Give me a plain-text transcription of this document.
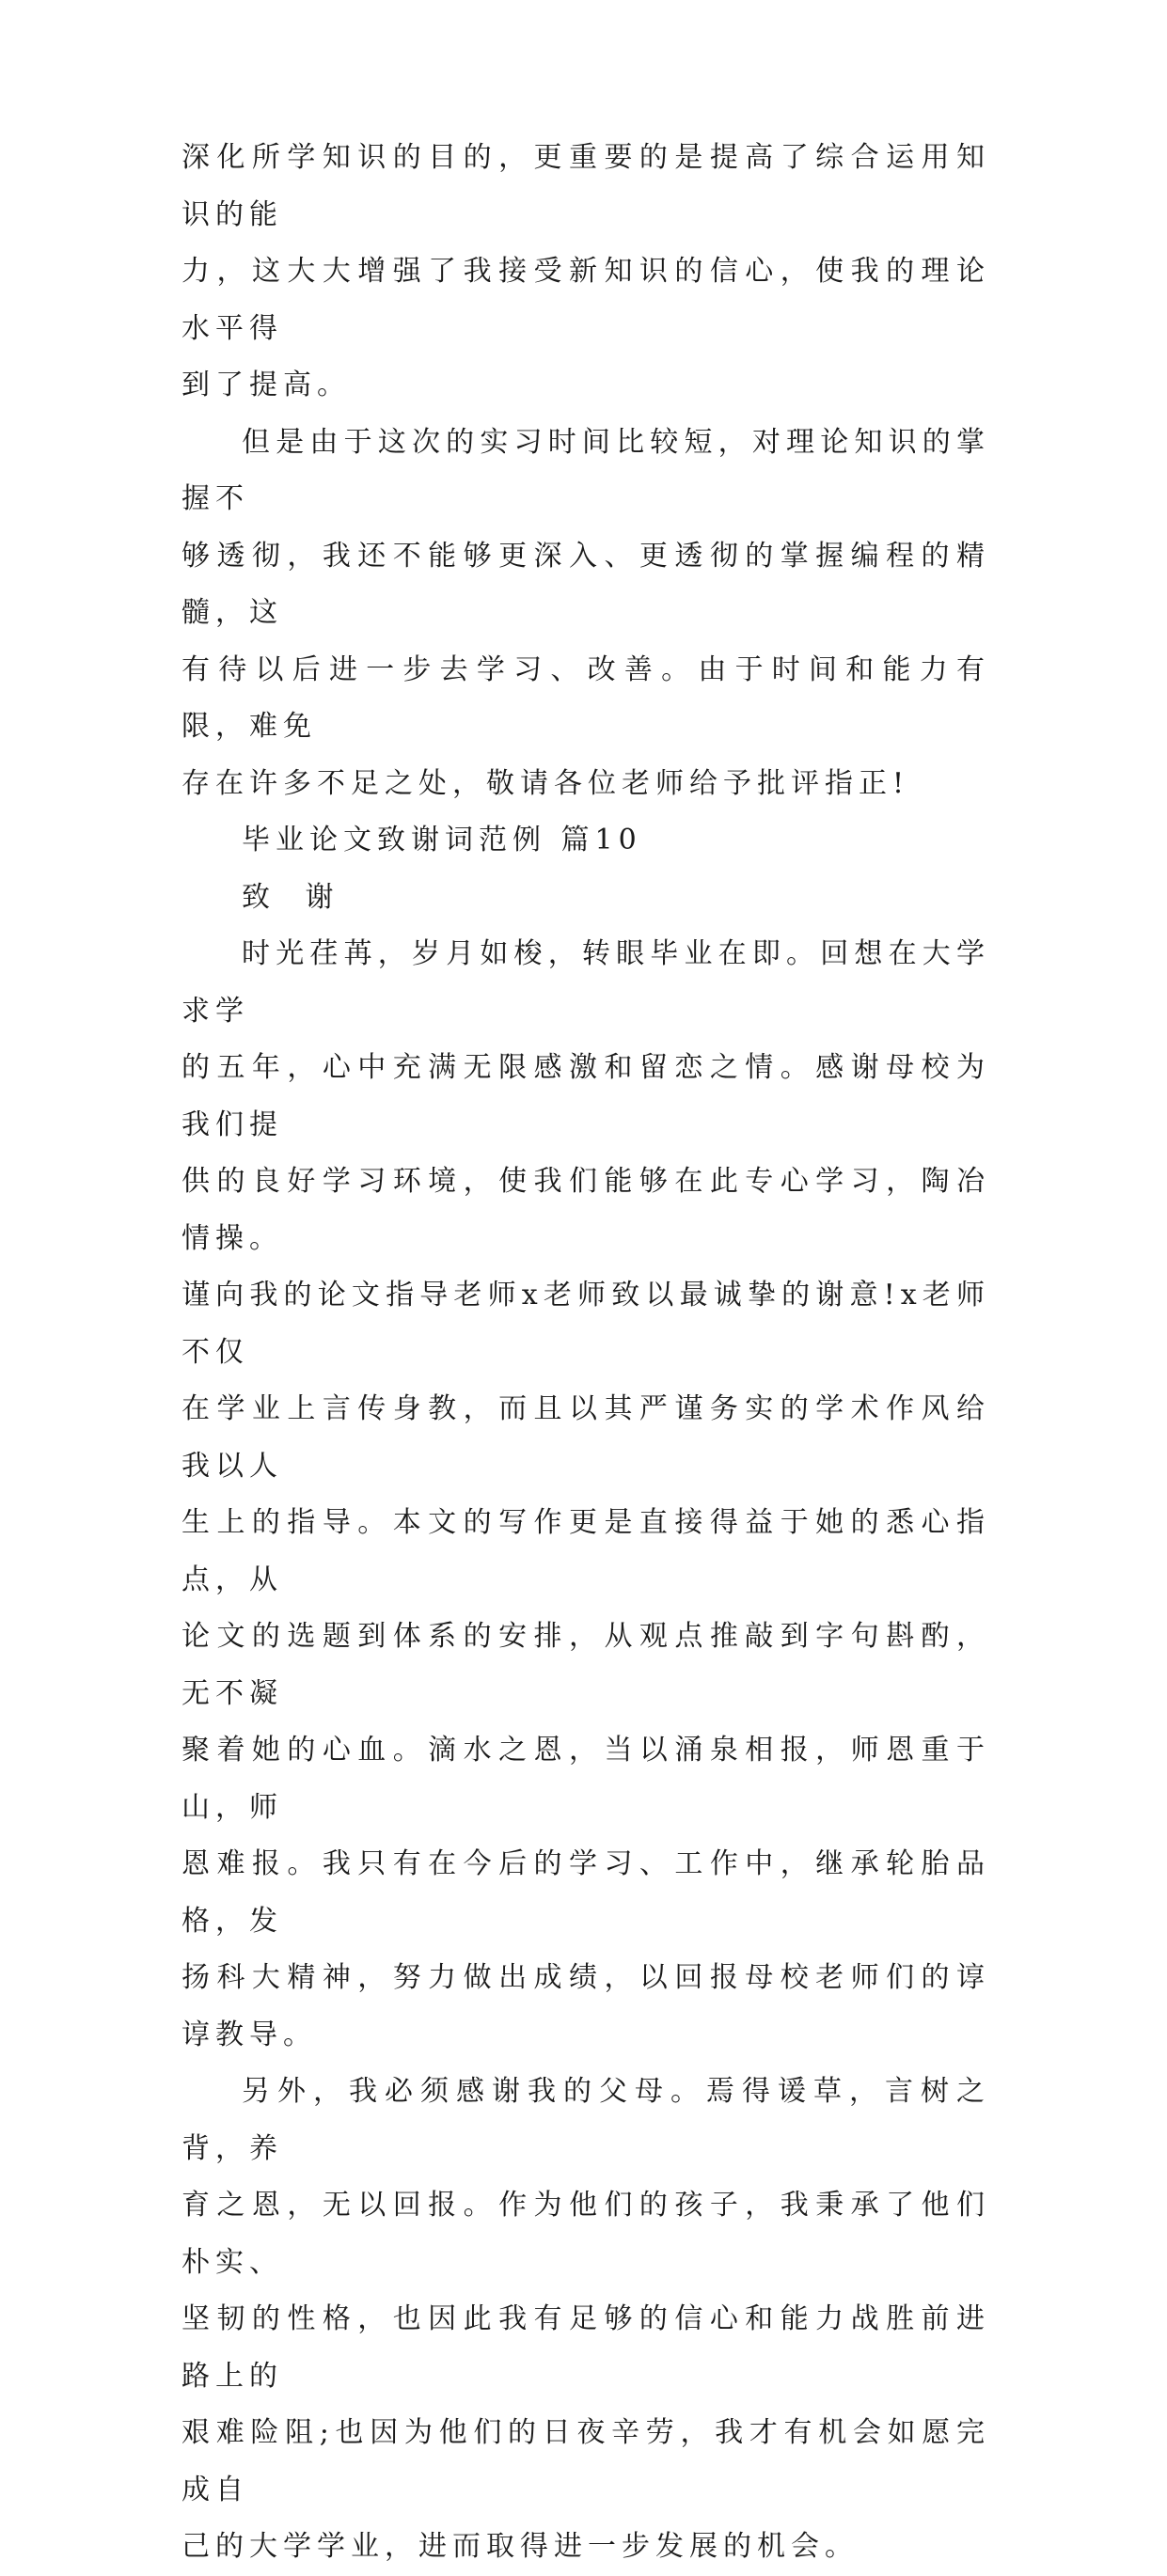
深化所学知识的目的，更重要的是提高了综合运用知识的能
力，这大大增强了我接受新知识的信心，使我的理论水平得
到了提高。

但是由于这次的实习时间比较短，对理论知识的掌握不
够透彻，我还不能够更深入、更透彻的掌握编程的精髓，这
有待以后进一步去学习、改善。由于时间和能力有限，难免
存在许多不足之处，敬请各位老师给予批评指正!

毕业论文致谢词范例 篇10

致 谢

时光荏苒，岁月如梭，转眼毕业在即。回想在大学求学
的五年，心中充满无限感激和留恋之情。感谢母校为我们提
供的良好学习环境，使我们能够在此专心学习，陶冶情操。
谨向我的论文指导老师x老师致以最诚挚的谢意!x老师不仅
在学业上言传身教，而且以其严谨务实的学术作风给我以人
生上的指导。本文的写作更是直接得益于她的悉心指点，从
论文的选题到体系的安排，从观点推敲到字句斟酌，无不凝
聚着她的心血。滴水之恩，当以涌泉相报，师恩重于山，师
恩难报。我只有在今后的学习、工作中，继承轮胎品格，发
扬科大精神，努力做出成绩，以回报母校老师们的谆谆教导。

另外，我必须感谢我的父母。焉得谖草，言树之背，养
育之恩，无以回报。作为他们的孩子，我秉承了他们朴实、
坚韧的性格，也因此我有足够的信心和能力战胜前进路上的
艰难险阻;也因为他们的日夜辛劳，我才有机会如愿完成自
己的大学学业，进而取得进一步发展的机会。
